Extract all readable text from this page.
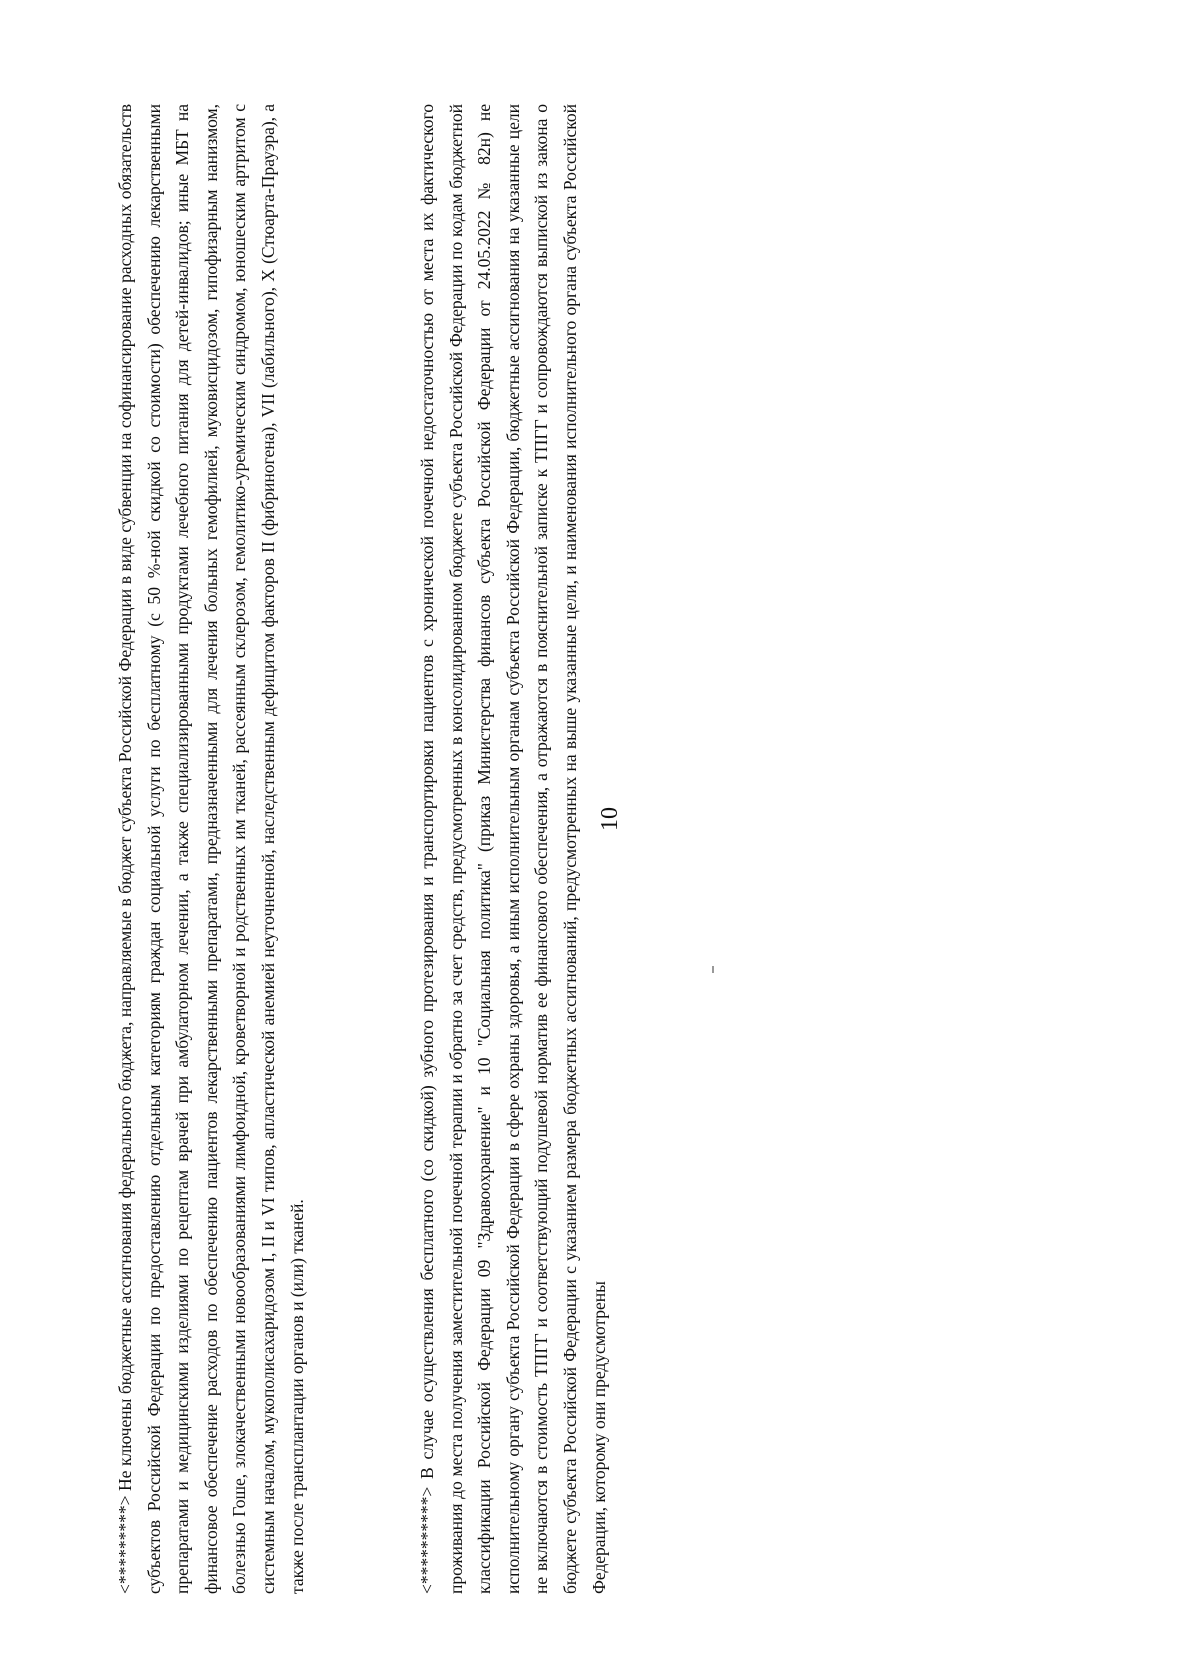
<*********> Не ключены бюджетные ассигнования федерального бюджета, направляемые в бюджет субъекта Российской Федерации в виде субвенции на софинансирование расходных обязательств субъектов Российской Федерации по предоставлению отдельным категориям граждан социальной услуги по бесплатному (с 50 %-ной скидкой со стоимости) обеспечению лекарственными препаратами и медицинскими изделиями по рецептам врачей при амбулаторном лечении, а также специализированными продуктами лечебного питания для детей-инвалидов; иные МБТ на финансовое обеспечение расходов по обеспечению пациентов лекарственными препаратами, предназначенными для лечения больных гемофилией, муковисцидозом, гипофизарным нанизмом, болезнью Гоше, злокачественными новообразованиями лимфоидной, кроветворной и родственных им тканей, рассеянным склерозом, гемолитико-уремическим синдромом, юношеским артритом с системным началом, мукополисахаридозом I, II и VI типов, апластической анемией неуточненной, наследственным дефицитом факторов II (фибриногена), VII (лабильного), X (Стюарта-Прауэра), а также после трансплантации органов и (или) тканей.	<**********> В случае осуществления бесплатного (со скидкой) зубного протезирования и транспортировки пациентов с хронической почечной недостаточностью от места их фактического проживания до места получения заместительной почечной терапии и обратно за счет средств, предусмотренных в консолидированном бюджете субъекта Российской Федерации по кодам бюджетной классификации Российской Федерации 09 "Здравоохранение" и 10 "Социальная политика" (приказ Министерства финансов субъекта Российской Федерации от 24.05.2022 № 82н) не исполнительному органу субъекта Российской Федерации в сфере охраны здоровья, а иным исполнительным органам субъекта Российской Федерации, бюджетные ассигнования на указанные цели не включаются в стоимость ТПГГ и соответствующий подушевой норматив ее финансового обеспечения, а отражаются в пояснительной записке к ТПГГ и сопровождаются выпиской из закона о бюджете субъекта Российской Федерации с указанием размера бюджетных ассигнований, предусмотренных на выше указанные цели, и наименования исполнительного органа субъекта Российской Федерации, которому они предусмотрены

10
